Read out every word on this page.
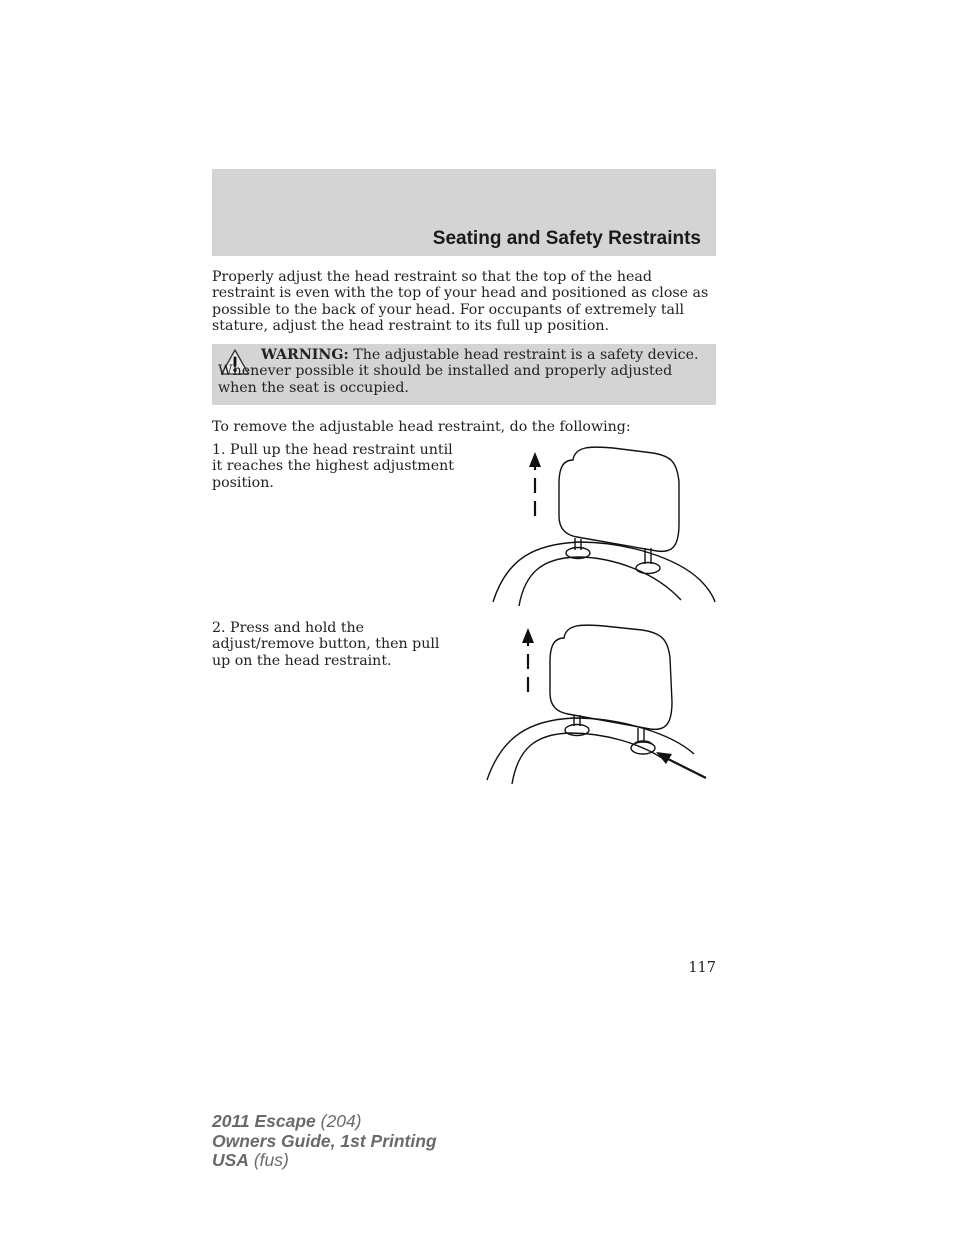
Seating and Safety Restraints

Properly adjust the head restraint so that the top of the head restraint is even with the top of your head and positioned as close as possible to the back of your head. For occupants of extremely tall stature, adjust the head restraint to its full up position.

WARNING: The adjustable head restraint is a safety device. Whenever possible it should be installed and properly adjusted when the seat is occupied.

To remove the adjustable head restraint, do the following:

1. Pull up the head restraint until it reaches the highest adjustment position.

2. Press and hold the adjust/remove button, then pull up on the head restraint.

117

2011 Escape (204)
Owners Guide, 1st Printing
USA (fus)
